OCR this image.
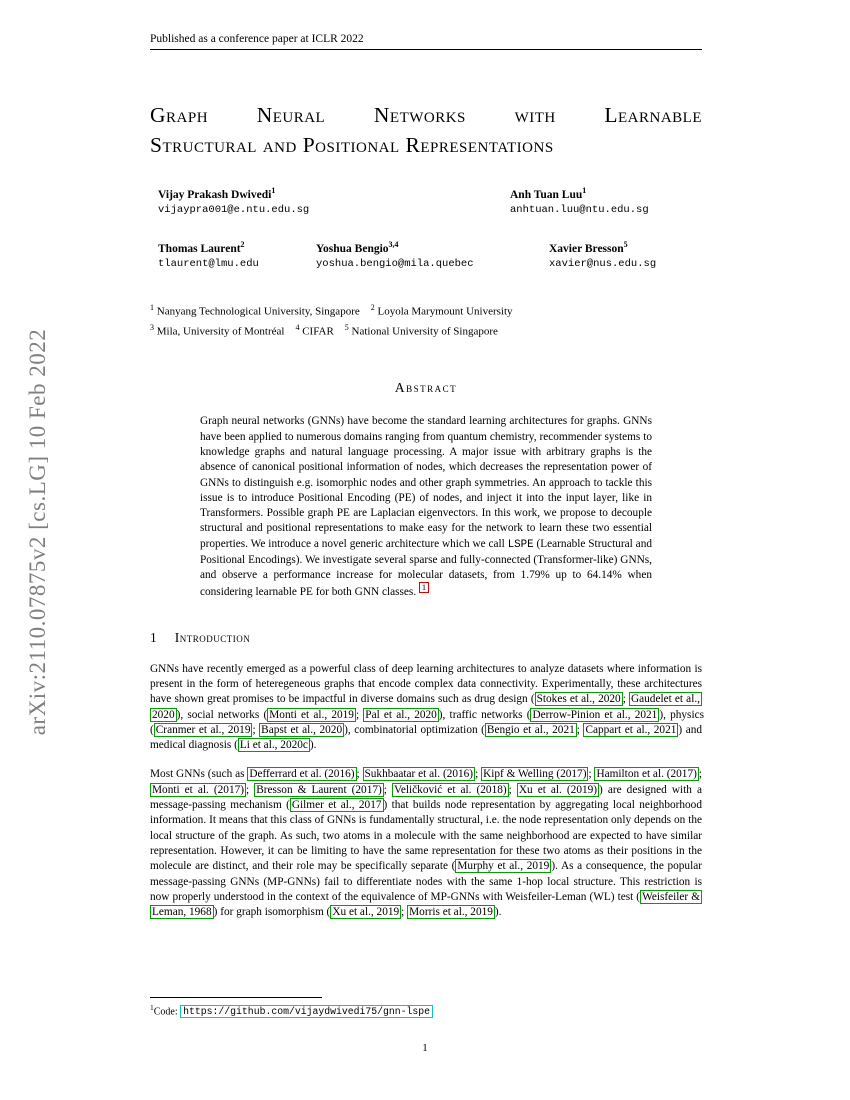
arXiv:2110.07875v2 [cs.LG] 10 Feb 2022
Published as a conference paper at ICLR 2022
Graph Neural Networks with Learnable
Structural and Positional Representations
Vijay Prakash Dwivedi$^1$
vijaypra001@e.ntu.edu.sg
Anh Tuan Luu$^1$
anhtuan.luu@ntu.edu.sg
Thomas Laurent$^2$
tlaurent@lmu.edu
Yoshua Bengio$^{3,4}$
yoshua.bengio@mila.quebec
Xavier Bresson$^5$
xavier@nus.edu.sg
$^1$ Nanyang Technological University, Singapore $^2$ Loyola Marymount University
$^3$ Mila, University of Montréal $^4$ CIFAR $^5$ National University of Singapore
Abstract
Graph neural networks (GNNs) have become the standard learning architectures for graphs. GNNs have been applied to numerous domains ranging from quantum chemistry, recommender systems to knowledge graphs and natural language processing. A major issue with arbitrary graphs is the absence of canonical positional information of nodes, which decreases the representation power of GNNs to distinguish e.g. isomorphic nodes and other graph symmetries. An approach to tackle this issue is to introduce Positional Encoding (PE) of nodes, and inject it into the input layer, like in Transformers. Possible graph PE are Laplacian eigenvectors. In this work, we propose to decouple structural and positional representations to make easy for the network to learn these two essential properties. We introduce a novel generic architecture which we call LSPE (Learnable Structural and Positional Encodings). We investigate several sparse and fully-connected (Transformer-like) GNNs, and observe a performance increase for molecular datasets, from 1.79% up to 64.14% when considering learnable PE for both GNN classes. $^1$
1 Introduction
GNNs have recently emerged as a powerful class of deep learning architectures to analyze datasets where information is present in the form of heteregeneous graphs that encode complex data connectivity. Experimentally, these architectures have shown great promises to be impactful in diverse domains such as drug design ( Stokes et al., 2020 ; Gaudelet et al., 2020 ), social networks ( Monti et al., 2019 ; Pal et al., 2020 ), traffic networks ( Derrow-Pinion et al., 2021 ), physics ( Cranmer et al., 2019 ; Bapst et al., 2020 ), combinatorial optimization ( Bengio et al., 2021 ; Cappart et al., 2021 ) and medical diagnosis ( Li et al., 2020c ).
Most GNNs (such as Defferrard et al. (2016) ; Sukhbaatar et al. (2016) ; Kipf & Welling (2017) ; Hamilton et al. (2017) ; Monti et al. (2017) ; Bresson & Laurent (2017) ; Veličković et al. (2018) ; Xu et al. (2019) ) are designed with a message-passing mechanism ( Gilmer et al., 2017 ) that builds node representation by aggregating local neighborhood information. It means that this class of GNNs is fundamentally structural, i.e. the node representation only depends on the local structure of the graph. As such, two atoms in a molecule with the same neighborhood are expected to have similar representation. However, it can be limiting to have the same representation for these two atoms as their positions in the molecule are distinct, and their role may be specifically separate ( Murphy et al., 2019 ). As a consequence, the popular message-passing GNNs (MP-GNNs) fail to differentiate nodes with the same 1-hop local structure. This restriction is now properly understood in the context of the equivalence of MP-GNNs with Weisfeiler-Leman (WL) test ( Weisfeiler & Leman, 1968 ) for graph isomorphism ( Xu et al., 2019 ; Morris et al., 2019 ).
$^1$Code: https://github.com/vijaydwivedi75/gnn-lspe
1
